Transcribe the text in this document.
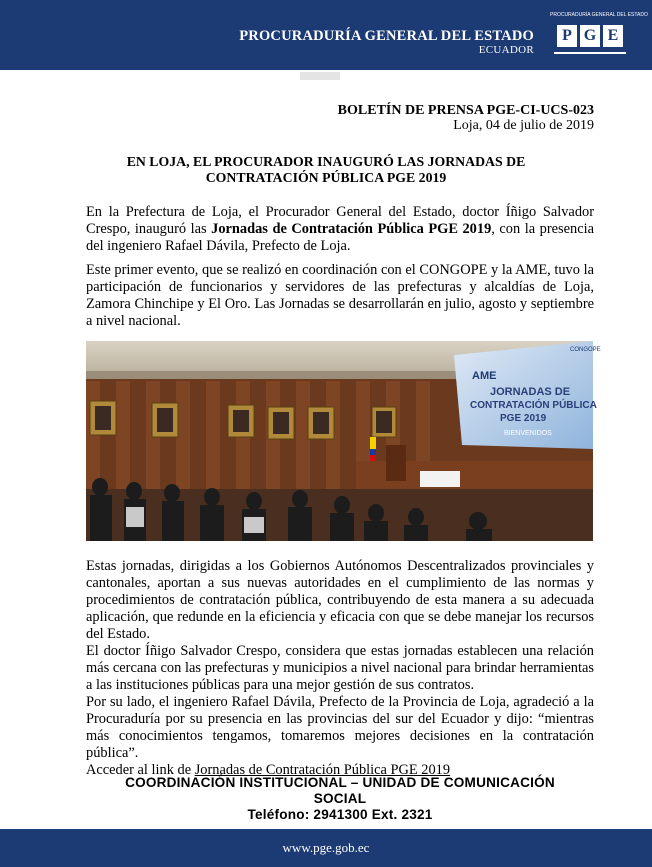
PROCURADURÍA GENERAL DEL ESTADO
ECUADOR
PROCURADURÍA GENERAL DEL ESTADO
P G E
BOLETÍN DE PRENSA PGE-CI-UCS-023
Loja, 04 de julio de 2019
EN LOJA, EL PROCURADOR INAUGURÓ LAS JORNADAS DE CONTRATACIÓN PÚBLICA PGE 2019
En la Prefectura de Loja, el Procurador General del Estado, doctor Íñigo Salvador Crespo, inauguró las Jornadas de Contratación Pública PGE 2019, con la presencia del ingeniero Rafael Dávila, Prefecto de Loja.
Este primer evento, que se realizó en coordinación con el CONGOPE y la AME, tuvo la participación de funcionarios y servidores de las prefecturas y alcaldías de Loja, Zamora Chinchipe y El Oro. Las Jornadas se desarrollarán en julio, agosto y septiembre a nivel nacional.
AME
CONGOPE
JORNADAS DE
CONTRATACIÓN PÚBLICA
PGE 2019
BIENVENIDOS
Estas jornadas, dirigidas a los Gobiernos Autónomos Descentralizados provinciales y cantonales, aportan a sus nuevas autoridades en el cumplimiento de las normas y procedimientos de contratación pública, contribuyendo de esta manera a su adecuada aplicación, que redunde en la eficiencia y eficacia con que se debe manejar los recursos del Estado.
El doctor Íñigo Salvador Crespo, considera que estas jornadas establecen una relación más cercana con las prefecturas y municipios a nivel nacional para brindar herramientas a las instituciones públicas para una mejor gestión de sus contratos.
Por su lado, el ingeniero Rafael Dávila, Prefecto de la Provincia de Loja, agradeció a la Procuraduría por su presencia en las provincias del sur del Ecuador y dijo: “mientras más conocimientos tengamos, tomaremos mejores decisiones en la contratación pública”.
Acceder al link de Jornadas de Contratación Pública PGE 2019
COORDINACIÓN INSTITUCIONAL – UNIDAD DE COMUNICACIÓN
SOCIAL
Teléfono: 2941300 Ext. 2321
www.pge.gob.ec
